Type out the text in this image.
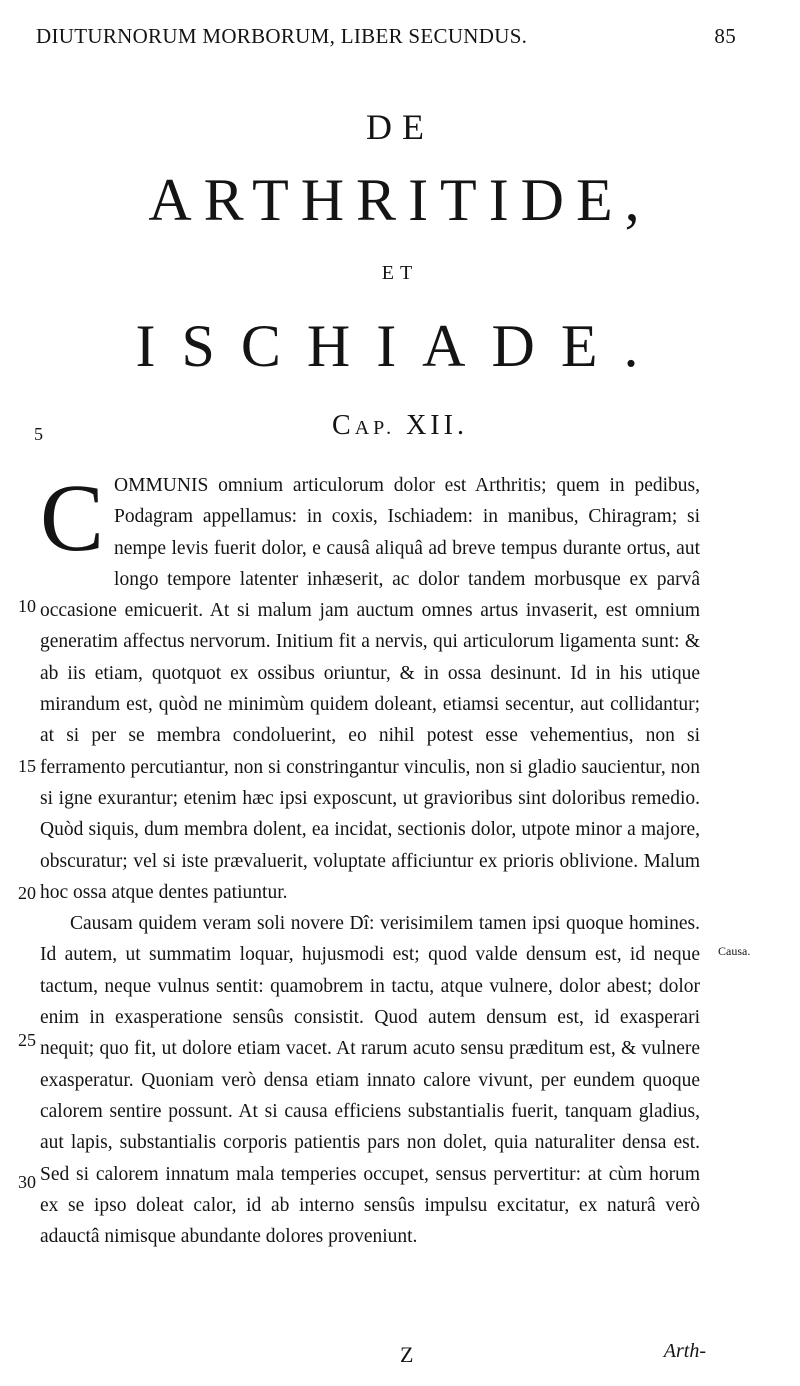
DIUTURNORUM MORBORUM, LIBER SECUNDUS.	85
DE
ARTHRITIDE,
ET
ISCHIADE.
CAP. XII.
5
10
15
20
25
30
Causa.

COMMUNIS omnium articulorum dolor est Arthritis; quem in pedibus, Podagram appellamus: in coxis, Ischiadem: in manibus, Chiragram; si nempe levis fuerit dolor, e causâ aliquâ ad breve tempus durante ortus, aut longo tempore latenter inhæserit, ac dolor tandem morbusque ex parvâ occasione emicuerit. At si malum jam auctum omnes artus invaserit, est omnium generatim affectus nervorum. Initium fit a nervis, qui articulorum ligamenta sunt: & ab iis etiam, quotquot ex ossibus oriuntur, & in ossa desinunt. Id in his utique mirandum est, quòd ne minimùm quidem doleant, etiamsi secentur, aut collidantur; at si per se membra condoluerint, eo nihil potest esse vehementius, non si ferramento percutiantur, non si constringantur vinculis, non si gladio saucientur, non si igne exurantur; etenim hæc ipsi exposcunt, ut gravioribus sint doloribus remedio. Quòd siquis, dum membra dolent, ea incidat, sectionis dolor, utpote minor a majore, obscuratur; vel si iste prævaluerit, voluptate afficiuntur ex prioris oblivione. Malum hoc ossa atque dentes patiuntur.

Causam quidem veram soli novere Dî: verisimilem tamen ipsi quoque homines. Id autem, ut summatim loquar, hujusmodi est; quod valde densum est, id neque tactum, neque vulnus sentit: quamobrem in tactu, atque vulnere, dolor abest; dolor enim in exasperatione sensûs consistit. Quod autem densum est, id exasperari nequit; quo fit, ut dolore etiam vacet. At rarum acuto sensu præditum est, & vulnere exasperatur. Quoniam verò densa etiam innato calore vivunt, per eundem quoque calorem sentire possunt. At si causa efficiens substantialis fuerit, tanquam gladius, aut lapis, substantialis corporis patientis pars non dolet, quia naturaliter densa est. Sed si calorem innatum mala temperies occupet, sensus pervertitur: at cùm horum ex se ipso doleat calor, id ab interno sensûs impulsu excitatur, ex naturâ verò adauctâ nimisque abundante dolores proveniunt.

Z	Arth-
